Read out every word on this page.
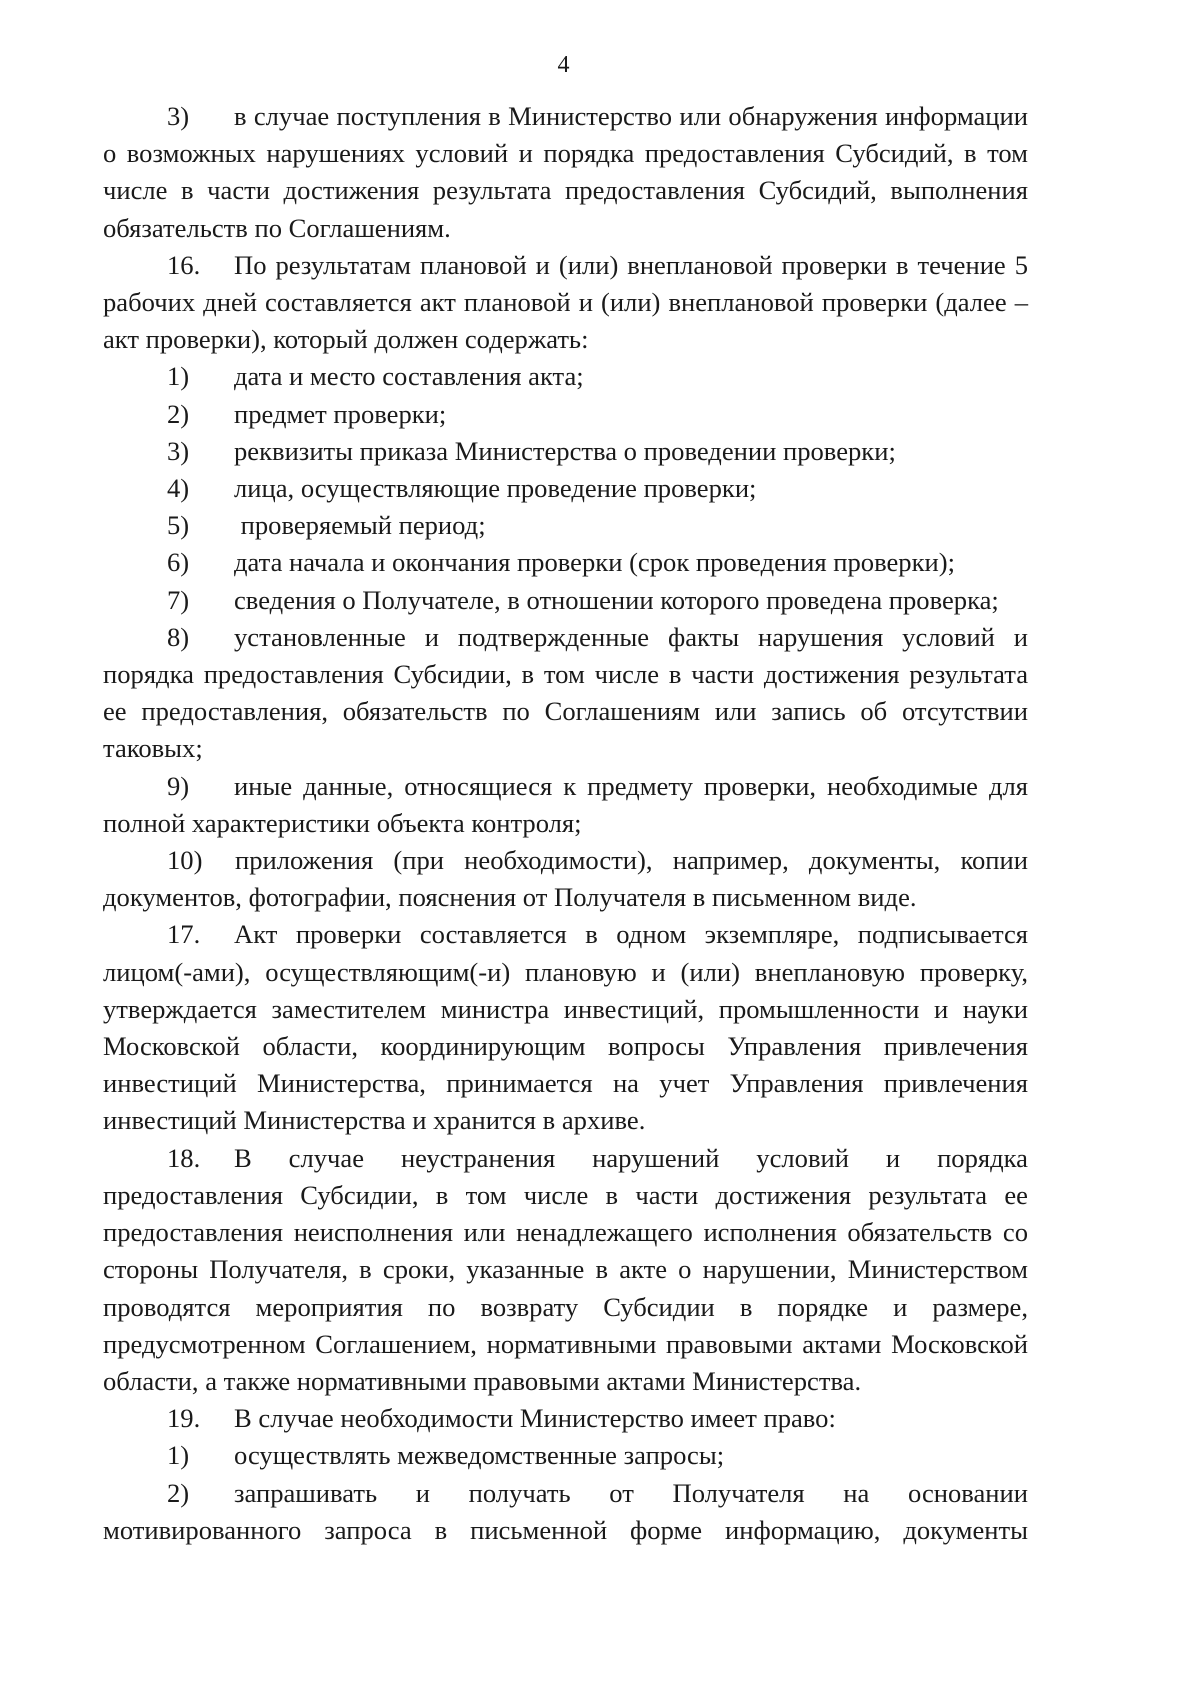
4

3) в случае поступления в Министерство или обнаружения информации о возможных нарушениях условий и порядка предоставления Субсидий, в том числе в части достижения результата предоставления Субсидий, выполнения обязательств по Соглашениям.

16. По результатам плановой и (или) внеплановой проверки в течение 5 рабочих дней составляется акт плановой и (или) внеплановой проверки (далее – акт проверки), который должен содержать:

1) дата и место составления акта;

2) предмет проверки;

3) реквизиты приказа Министерства о проведении проверки;

4) лица, осуществляющие проведение проверки;

5) проверяемый период;

6) дата начала и окончания проверки (срок проведения проверки);

7) сведения о Получателе, в отношении которого проведена проверка;

8) установленные и подтвержденные факты нарушения условий и порядка предоставления Субсидии, в том числе в части достижения результата ее предоставления, обязательств по Соглашениям или запись об отсутствии таковых;

9) иные данные, относящиеся к предмету проверки, необходимые для полной характеристики объекта контроля;

10) приложения (при необходимости), например, документы, копии документов, фотографии, пояснения от Получателя в письменном виде.

17. Акт проверки составляется в одном экземпляре, подписывается лицом(-ами), осуществляющим(-и) плановую и (или) внеплановую проверку, утверждается заместителем министра инвестиций, промышленности и науки Московской области, координирующим вопросы Управления привлечения инвестиций Министерства, принимается на учет Управления привлечения инвестиций Министерства и хранится в архиве.

18. В случае неустранения нарушений условий и порядка предоставления Субсидии, в том числе в части достижения результата ее предоставления неисполнения или ненадлежащего исполнения обязательств со стороны Получателя, в сроки, указанные в акте о нарушении, Министерством проводятся мероприятия по возврату Субсидии в порядке и размере, предусмотренном Соглашением, нормативными правовыми актами Московской области, а также нормативными правовыми актами Министерства.

19. В случае необходимости Министерство имеет право:

1) осуществлять межведомственные запросы;

2) запрашивать и получать от Получателя на основании мотивированного запроса в письменной форме информацию, документы
